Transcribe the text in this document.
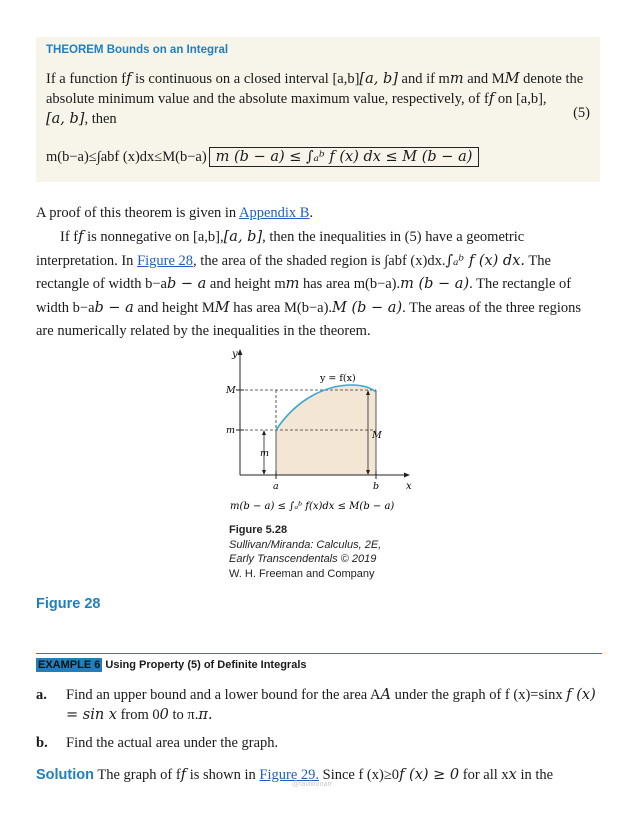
THEOREM Bounds on an Integral
If a function ff is continuous on a closed interval [a,b][a, b] and if mm and MM denote the absolute minimum value and the absolute maximum value, respectively, of ff on [a,b],
[a, b], then	(5)
m(b−a)≤∫abf (x)dx≤M(b−a) m (b − a) ≤ ∫ₐᵇ f (x) dx ≤ M (b − a)
A proof of this theorem is given in Appendix B.
If ff is nonnegative on [a,b],[a, b], then the inequalities in (5) have a geometric interpretation. In Figure 28, the area of the shaded region is ∫abf (x)dx.∫ₐᵇ f (x) dx. The rectangle of width b−ab − a and height mm has area m(b−a).m (b − a). The rectangle of width b−ab − a and height MM has area M(b−a).M (b − a). The areas of the three regions are numerically related by the inequalities in the theorem.
y
x
y = f(x)
M
m
a	b
m
M
m(b − a) ≤ ∫ₐᵇ f(x)dx ≤ M(b − a)
Figure 5.28
Sullivan/Miranda: Calculus, 2E,
Early Transcendentals © 2019
W. H. Freeman and Company
Figure 28
EXAMPLE 6 Using Property (5) of Definite Integrals
a. Find an upper bound and a lower bound for the area AA under the graph of f (x)=sinx f (x) = sin x from 00 to π.π.
b. Find the actual area under the graph.
Solution The graph of ff is shown in Figure 29. Since f (x)≥0f (x) ≥ 0 for all xx in the
@ravikumarr
